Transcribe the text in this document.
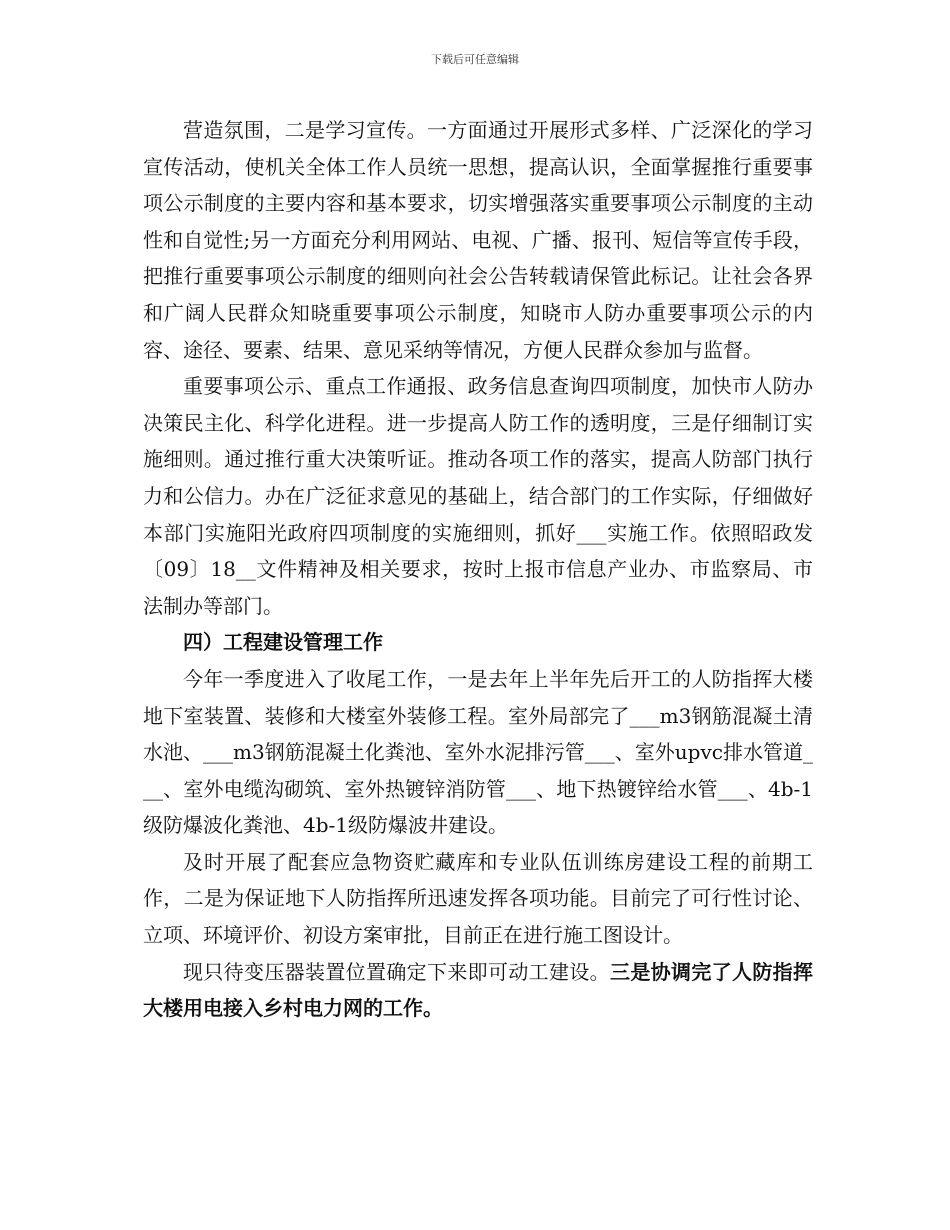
下载后可任意编辑

营造氛围，二是学习宣传。一方面通过开展形式多样、广泛深化的学习宣传活动，使机关全体工作人员统一思想，提高认识，全面掌握推行重要事项公示制度的主要内容和基本要求，切实增强落实重要事项公示制度的主动性和自觉性;另一方面充分利用网站、电视、广播、报刊、短信等宣传手段，把推行重要事项公示制度的细则向社会公告转载请保管此标记。让社会各界和广阔人民群众知晓重要事项公示制度，知晓市人防办重要事项公示的内容、途径、要素、结果、意见采纳等情况，方便人民群众参加与监督。

重要事项公示、重点工作通报、政务信息查询四项制度，加快市人防办决策民主化、科学化进程。进一步提高人防工作的透明度，三是仔细制订实施细则。通过推行重大决策听证。推动各项工作的落实，提高人防部门执行力和公信力。办在广泛征求意见的基础上，结合部门的工作实际，仔细做好本部门实施阳光政府四项制度的实施细则，抓好___实施工作。依照昭政发〔09〕18__文件精神及相关要求，按时上报市信息产业办、市监察局、市法制办等部门。

四）工程建设管理工作

今年一季度进入了收尾工作，一是去年上半年先后开工的人防指挥大楼地下室装置、装修和大楼室外装修工程。室外局部完了___m3钢筋混凝土清水池、___m3钢筋混凝土化粪池、室外水泥排污管___、室外upvc排水管道___、室外电缆沟砌筑、室外热镀锌消防管___、地下热镀锌给水管___、4b-1级防爆波化粪池、4b-1级防爆波井建设。

及时开展了配套应急物资贮藏库和专业队伍训练房建设工程的前期工作，二是为保证地下人防指挥所迅速发挥各项功能。目前完了可行性讨论、立项、环境评价、初设方案审批，目前正在进行施工图设计。

现只待变压器装置位置确定下来即可动工建设。三是协调完了人防指挥大楼用电接入乡村电力网的工作。
